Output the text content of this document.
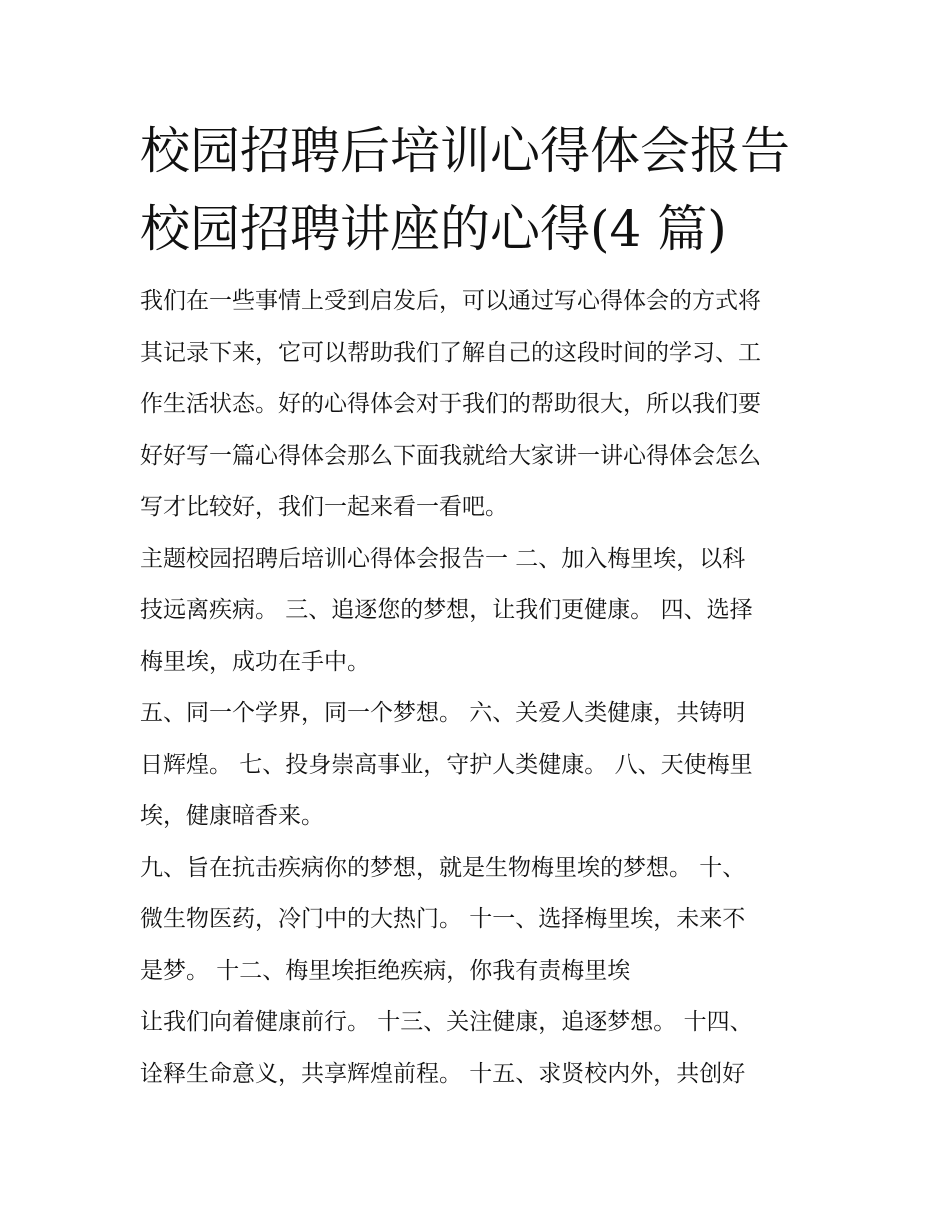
校园招聘后培训心得体会报告
校园招聘讲座的心得(4 篇)

我们在一些事情上受到启发后，可以通过写心得体会的方式将
其记录下来，它可以帮助我们了解自己的这段时间的学习、工
作生活状态。好的心得体会对于我们的帮助很大，所以我们要
好好写一篇心得体会那么下面我就给大家讲一讲心得体会怎么
写才比较好，我们一起来看一看吧。

主题校园招聘后培训心得体会报告一 二、加入梅里埃，以科
技远离疾病。 三、追逐您的梦想，让我们更健康。 四、选择
梅里埃，成功在手中。

五、同一个学界，同一个梦想。 六、关爱人类健康，共铸明
日辉煌。 七、投身崇高事业，守护人类健康。 八、天使梅里
埃，健康暗香来。

九、旨在抗击疾病你的梦想，就是生物梅里埃的梦想。 十、
微生物医药，冷门中的大热门。 十一、选择梅里埃，未来不
是梦。 十二、梅里埃拒绝疾病，你我有责梅里埃

让我们向着健康前行。 十三、关注健康，追逐梦想。 十四、
诠释生命意义，共享辉煌前程。 十五、求贤校内外，共创好
